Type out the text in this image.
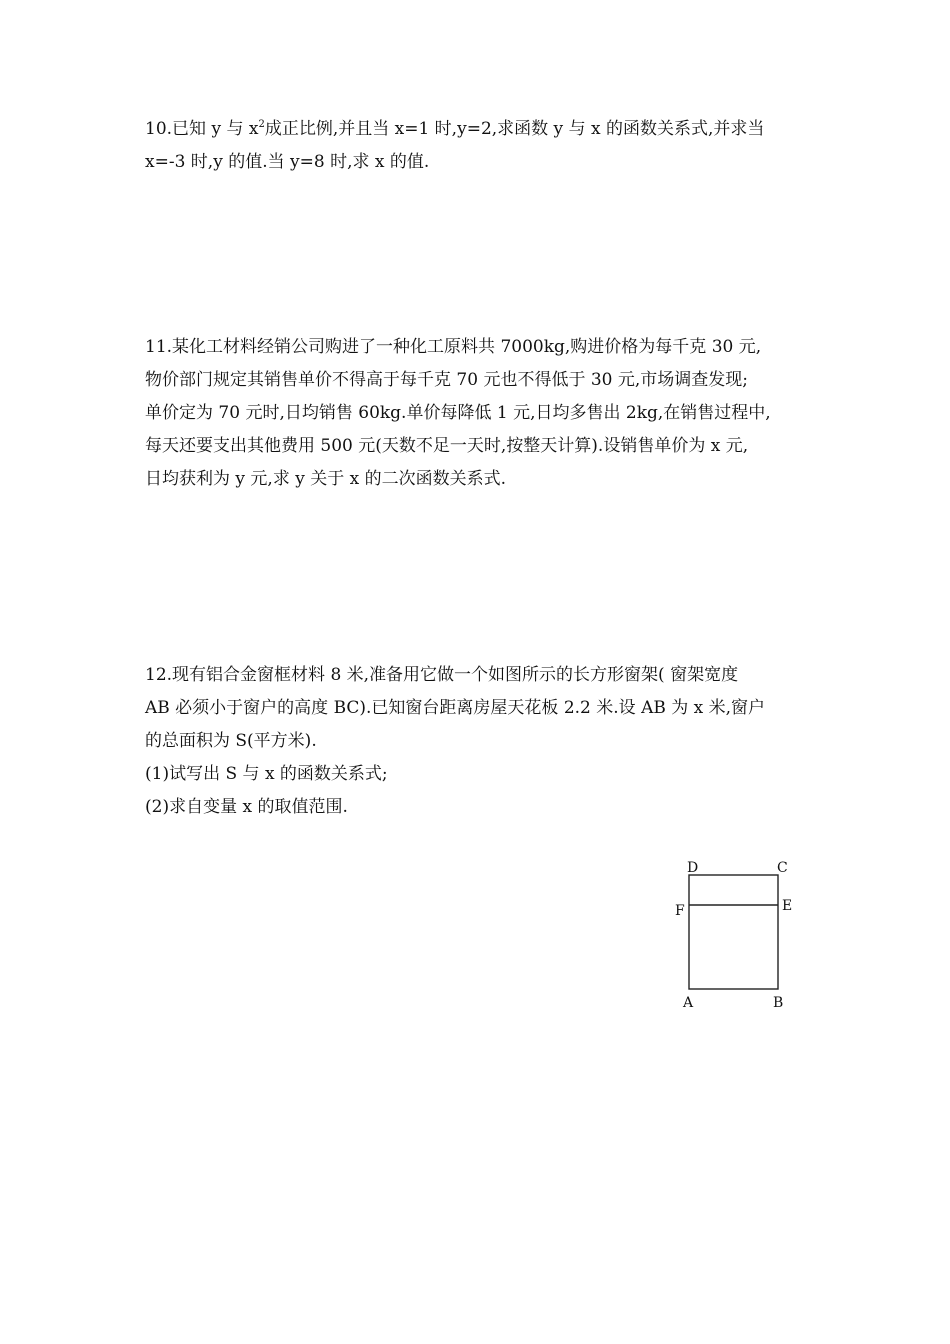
10.已知 y 与 $x^2$成正比例,并且当 x=1 时,y=2,求函数 y 与 x 的函数关系式,并求当
x=-3 时,y 的值.当 y=8 时,求 x 的值.
11.某化工材料经销公司购进了一种化工原料共 7000kg,购进价格为每千克 30 元,
物价部门规定其销售单价不得高于每千克 70 元也不得低于 30 元,市场调查发现;
单价定为 70 元时,日均销售 60kg.单价每降低 1 元,日均多售出 2kg,在销售过程中,
每天还要支出其他费用 500 元(天数不足一天时,按整天计算).设销售单价为 x 元,
日均获利为 y 元,求 y 关于 x 的二次函数关系式.
12.现有铝合金窗框材料 8 米,准备用它做一个如图所示的长方形窗架( 窗架宽度
AB 必须小于窗户的高度 BC).已知窗台距离房屋天花板 2.2 米.设 AB 为 x 米,窗户
的总面积为 S(平方米).
(1)试写出 S 与 x 的函数关系式;
(2)求自变量 x 的取值范围.
D	C
F	E
A	B
